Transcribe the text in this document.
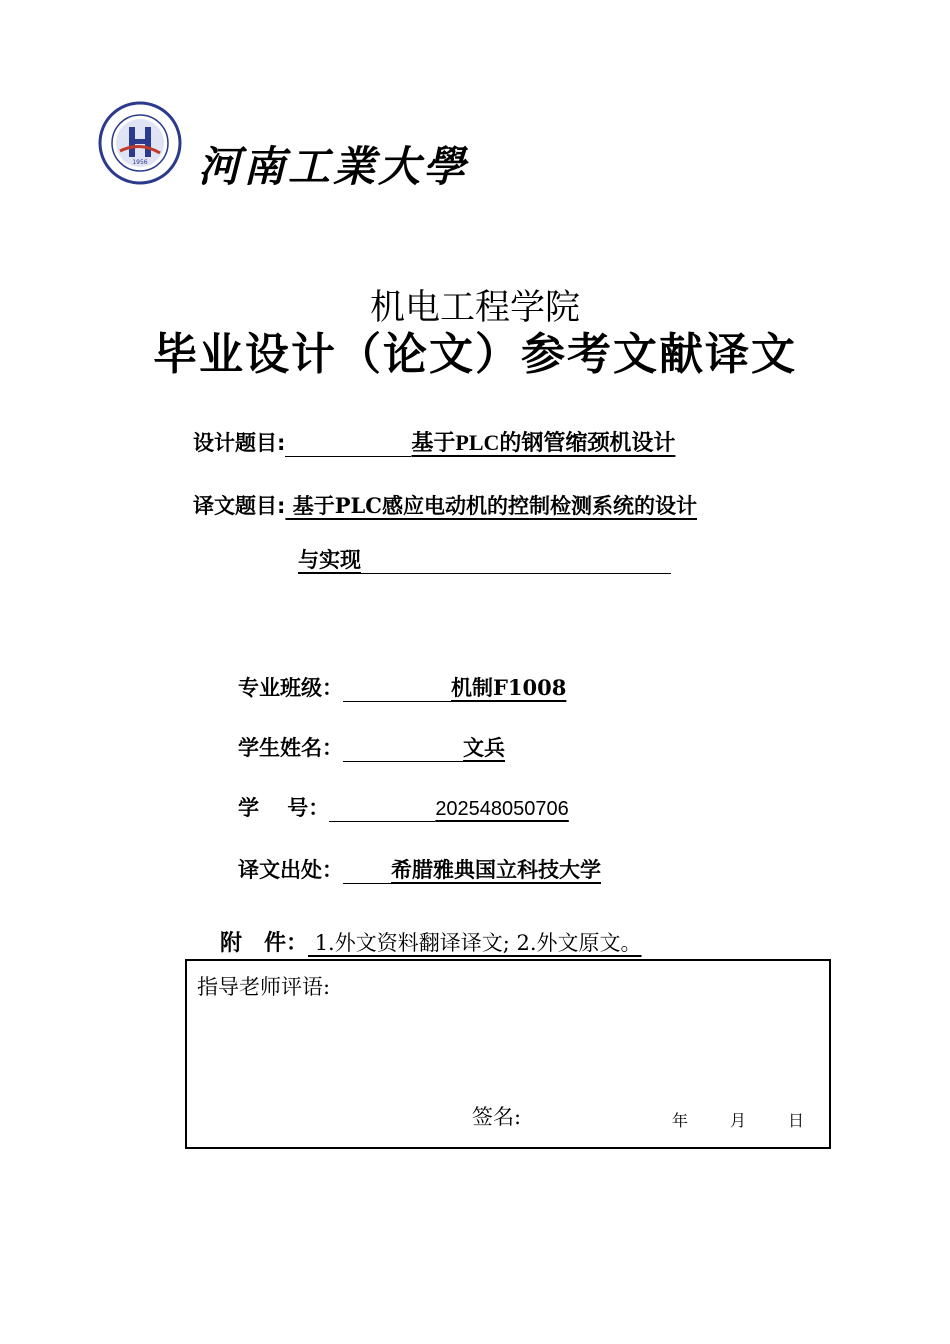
1956 河南工業大學
机电工程学院
毕业设计（论文）参考文献译文
设计题目:	基于PLC的钢管缩颈机设计
译文题目: 基于PLC感应电动机的控制检测系统的设计
与实现
专业班级：	机制F1008
学生姓名：	文兵
学　 号：	202548050706
译文出处： 希腊雅典国立科技大学
附　件： 1.外文资料翻译译文; 2.外文原文。
指导老师评语:
签名:	年	月	日
